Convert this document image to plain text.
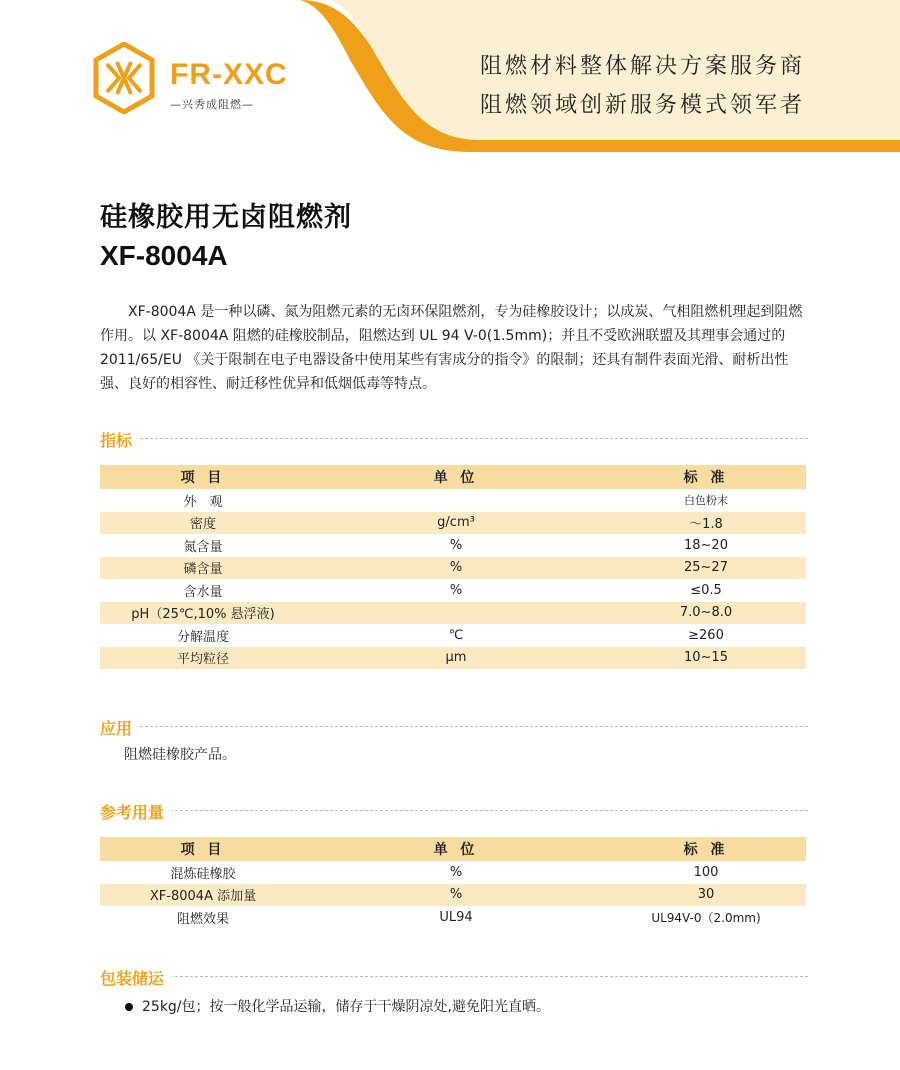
FR-XXC
—兴秀成阻燃—
阻燃材料整体解决方案服务商
阻燃领域创新服务模式领军者
硅橡胶用无卤阻燃剂
XF-8004A
XF-8004A 是一种以磷、氮为阻燃元素的无卤环保阻燃剂，专为硅橡胶设计；以成炭、气相阻燃机理起到阻燃作用。以 XF-8004A 阻燃的硅橡胶制品，阻燃达到 UL 94 V-0(1.5mm)；并且不受欧洲联盟及其理事会通过的 2011/65/EU 《关于限制在电子电器设备中使用某些有害成分的指令》的限制；还具有制件表面光滑、耐析出性强、良好的相容性、耐迁移性优异和低烟低毒等特点。
指标
项 目	单 位	标 准
外　观		白色粉末
密度	g/cm³	～1.8
氮含量	%	18~20
磷含量	%	25~27
含水量	%	≤0.5
pH（25℃,10% 悬浮液)		7.0~8.0
分解温度	℃	≥260
平均粒径	μm	10~15
应用
阻燃硅橡胶产品。
参考用量
项 目	单 位	标 准
混炼硅橡胶	%	100
XF-8004A 添加量	%	30
阻燃效果	UL94	UL94V-0（2.0mm)
包装储运
25kg/包；按一般化学品运输，储存于干燥阴凉处,避免阳光直晒。
